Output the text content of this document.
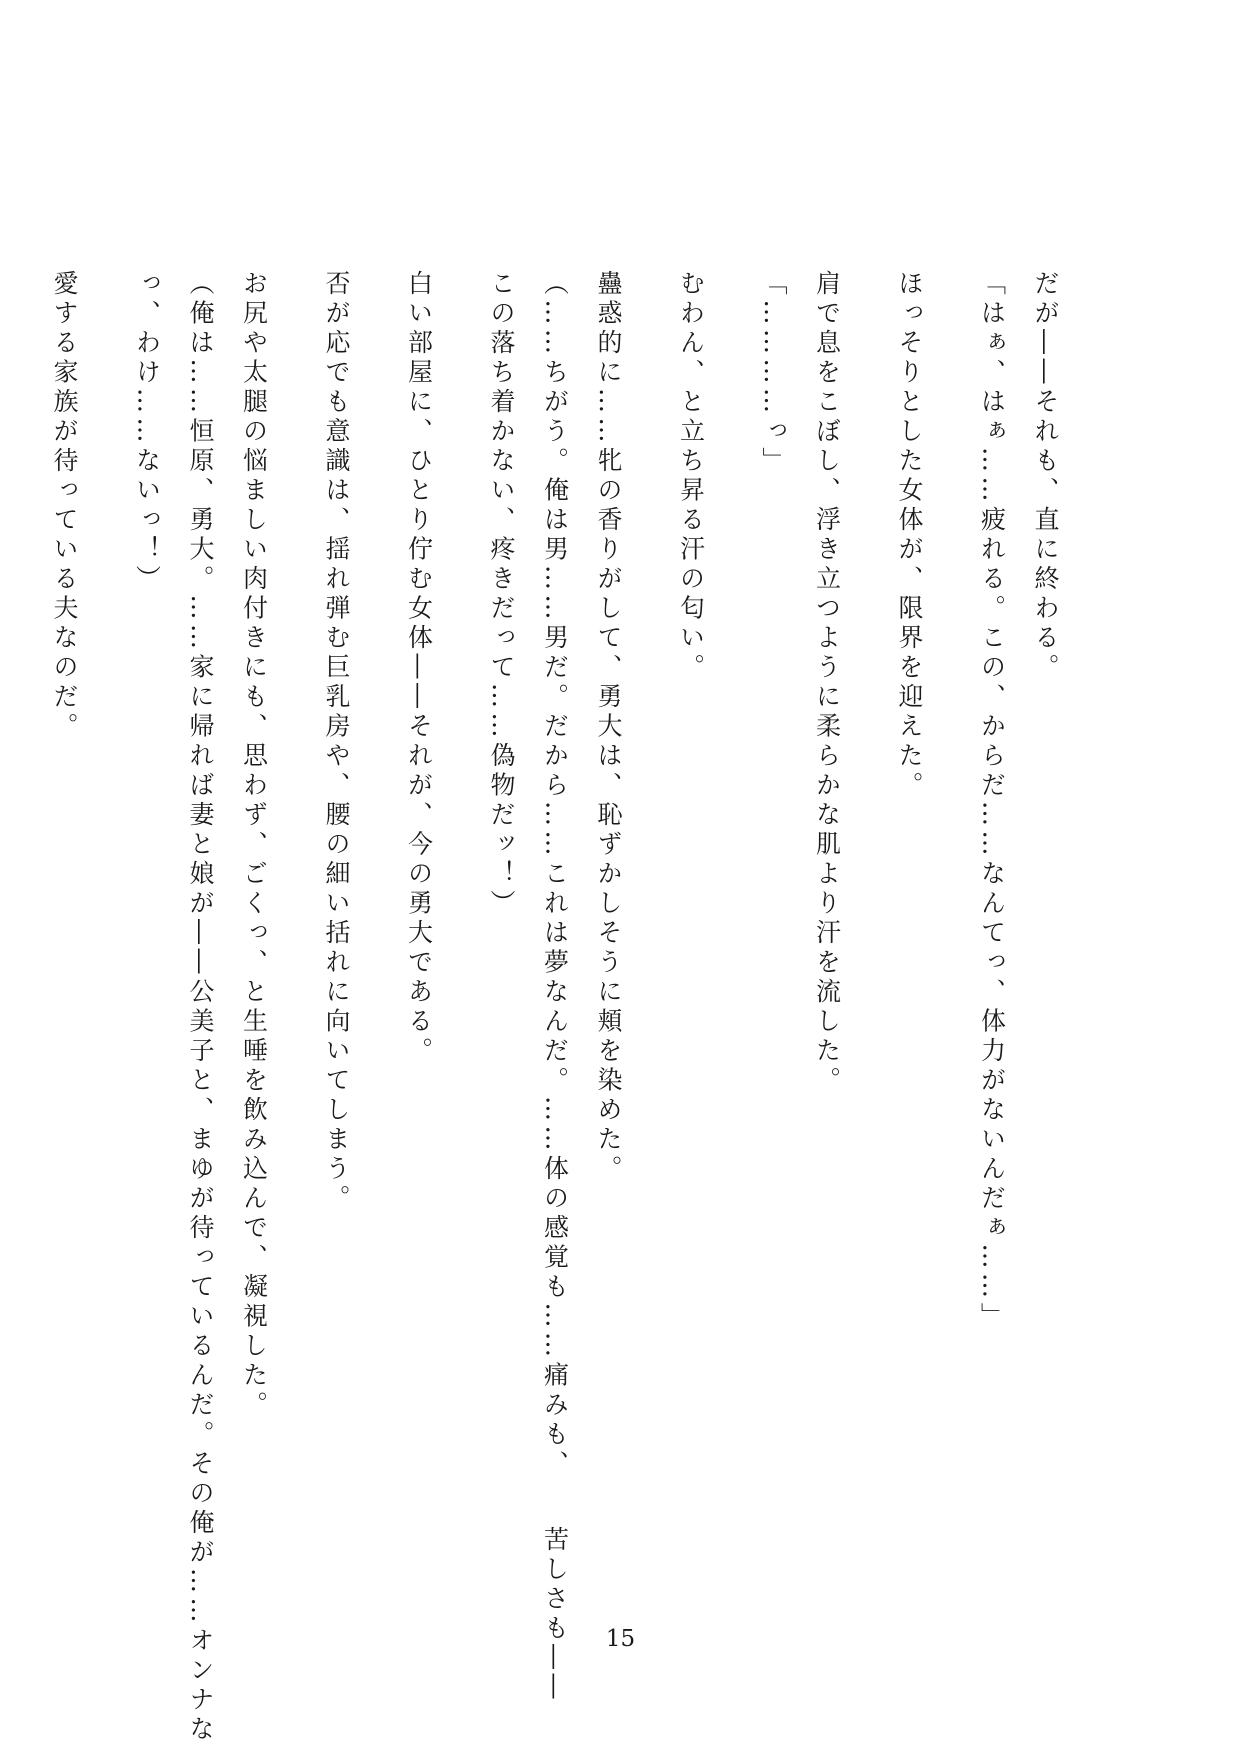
だが――それも、直に終わる。

「はぁ、はぁ……疲れる。この、からだ……なんてっ、体力がないんだぁ……」

ほっそりとした女体が、限界を迎えた。

肩で息をこぼし、浮き立つように柔らかな肌より汗を流した。

「…………っ」

むわん、と立ち昇る汗の匂い。

蠱惑的に……牝の香りがして、勇大は、恥ずかしそうに頬を染めた。

（……ちがう。俺は男……男だ。だから……これは夢なんだ。……体の感覚も……痛みも、　　苦しさも――

この落ち着かない、疼きだって……偽物だッ！）

白い部屋に、ひとり佇む女体――それが、今の勇大である。

否が応でも意識は、揺れ弾む巨乳房や、腰の細い括れに向いてしまう。

お尻や太腿の悩ましい肉付きにも、思わず、ごくっ、と生唾を飲み込んで、凝視した。

（俺は……恒原、勇大。……家に帰れば妻と娘が――公美子と、まゆが待っているんだ。その俺が……オンナな

っ、わけ……ないっ！）

愛する家族が待っている夫なのだ。

15
